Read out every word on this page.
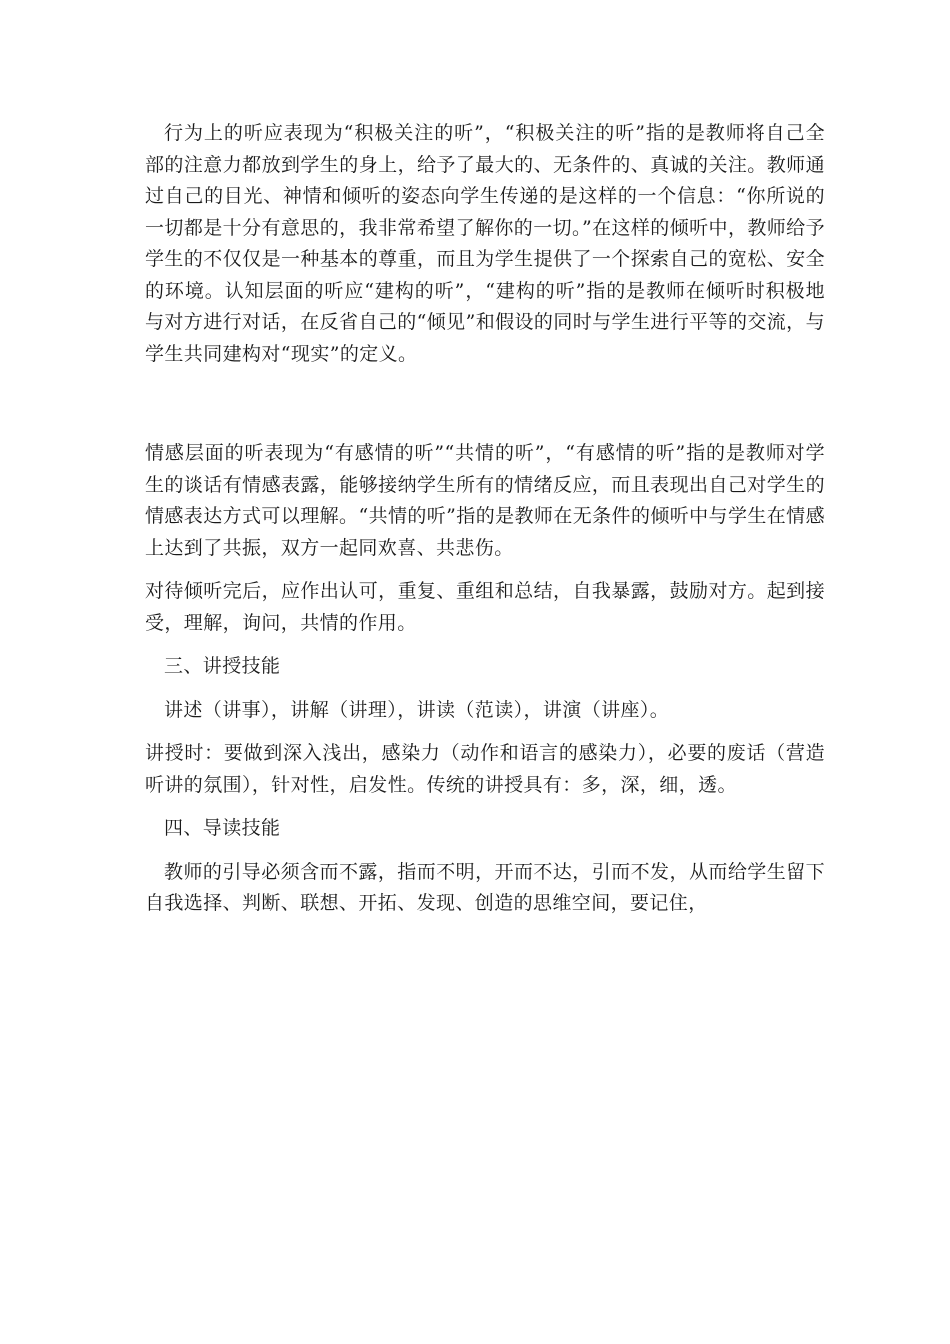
行为上的听应表现为“积极关注的听”，“积极关注的听”指的是教师将自己全部的注意力都放到学生的身上，给予了最大的、无条件的、真诚的关注。教师通过自己的目光、神情和倾听的姿态向学生传递的是这样的一个信息：“你所说的一切都是十分有意思的，我非常希望了解你的一切。”在这样的倾听中，教师给予学生的不仅仅是一种基本的尊重，而且为学生提供了一个探索自己的宽松、安全的环境。认知层面的听应“建构的听”，“建构的听”指的是教师在倾听时积极地与对方进行对话，在反省自己的“倾见”和假设的同时与学生进行平等的交流，与学生共同建构对“现实”的定义。

情感层面的听表现为“有感情的听”“共情的听”，“有感情的听”指的是教师对学生的谈话有情感表露，能够接纳学生所有的情绪反应，而且表现出自己对学生的情感表达方式可以理解。“共情的听”指的是教师在无条件的倾听中与学生在情感上达到了共振，双方一起同欢喜、共悲伤。

对待倾听完后，应作出认可，重复、重组和总结，自我暴露，鼓励对方。起到接受，理解，询问，共情的作用。

三、讲授技能

讲述（讲事），讲解（讲理），讲读（范读），讲演（讲座）。

讲授时：要做到深入浅出，感染力（动作和语言的感染力），必要的废话（营造听讲的氛围），针对性，启发性。传统的讲授具有：多，深，细，透。

四、导读技能

教师的引导必须含而不露，指而不明，开而不达，引而不发，从而给学生留下自我选择、判断、联想、开拓、发现、创造的思维空间，要记住，
